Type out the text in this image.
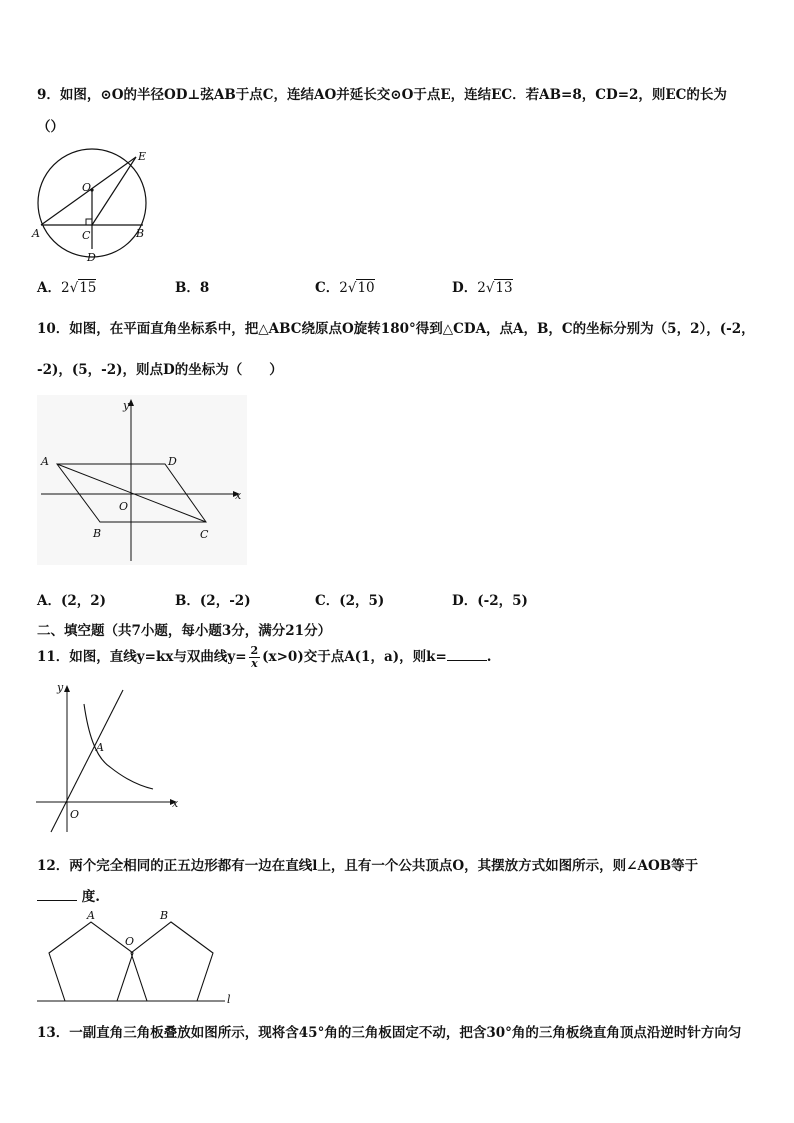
9．如图，⊙O的半径OD⊥弦AB于点C，连结AO并延长交⊙O于点E，连结EC．若AB=8，CD=2，则EC的长为
（）
E
O
A	C	B
D
A．2√15	B．8	C．2√10	D．2√13
10．如图，在平面直角坐标系中，把△ABC绕原点O旋转180°得到△CDA，点A，B，C的坐标分别为（5，2），(-2，
-2)，(5，-2)，则点D的坐标为（　　）
y
x
A	D
O
B	C
A．(2，2)	B．(2，-2)	C．(2，5)	D．(-2，5)
二、填空题（共7小题，每小题3分，满分21分）
11．如图，直线y=kx与双曲线$y= \frac{2}{x} (x>0)$交于点A(1，a)，则k=	.
y
x
A
O
12．两个完全相同的正五边形都有一边在直线l上，且有一个公共顶点O，其摆放方式如图所示，则∠AOB等于
度.
A
O
B
l
13．一副直角三角板叠放如图所示，现将含45°角的三角板固定不动，把含30°角的三角板绕直角顶点沿逆时针方向匀
